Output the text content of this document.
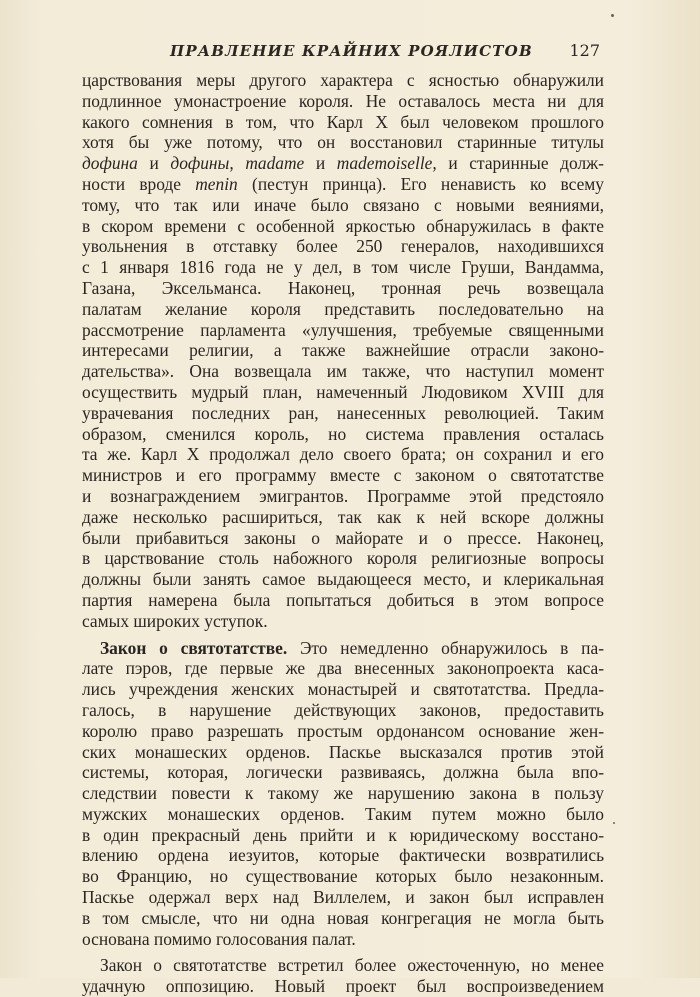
ПРАВЛЕНИЕ КРАЙНИХ РОЯЛИСТОВ 127
царствования меры другого характера с ясностью обнаружили
подлинное умонастроение короля. Не оставалось места ни для
какого сомнения в том, что Карл X был человеком прошлого
хотя бы уже потому, что он восстановил старинные титулы
дофина и дофины, madame и mademoiselle, и старинные долж-
ности вроде menin (пестун принца). Его ненависть ко всему
тому, что так или иначе было связано с новыми веяниями,
в скором времени с особенной яркостью обнаружилась в факте
увольнения в отставку более 250 генералов, находившихся
с 1 января 1816 года не у дел, в том числе Груши, Вандамма,
Газана, Эксельманса. Наконец, тронная речь возвещала
палатам желание короля представить последовательно на
рассмотрение парламента «улучшения, требуемые священными
интересами религии, а также важнейшие отрасли законо-
дательства». Она возвещала им также, что наступил момент
осуществить мудрый план, намеченный Людовиком XVIII для
уврачевания последних ран, нанесенных революцией. Таким
образом, сменился король, но система правления осталась
та же. Карл X продолжал дело своего брата; он сохранил и его
министров и его программу вместе с законом о святотатстве
и вознаграждением эмигрантов. Программе этой предстояло
даже несколько расшириться, так как к ней вскоре должны
были прибавиться законы о майорате и о прессе. Наконец,
в царствование столь набожного короля религиозные вопросы
должны были занять самое выдающееся место, и клерикальная
партия намерена была попытаться добиться в этом вопросе
самых широких уступок.
Закон о святотатстве. Это немедленно обнаружилось в па-
лате пэров, где первые же два внесенных законопроекта каса-
лись учреждения женских монастырей и святотатства. Предла-
галось, в нарушение действующих законов, предоставить
королю право разрешать простым ордонансом основание жен-
ских монашеских орденов. Паскье высказался против этой
системы, которая, логически развиваясь, должна была впо-
следствии повести к такому же нарушению закона в пользу
мужских монашеских орденов. Таким путем можно было
в один прекрасный день прийти и к юридическому восстано-
влению ордена иезуитов, которые фактически возвратились
во Францию, но существование которых было незаконным.
Паскье одержал верх над Виллелем, и закон был исправлен
в том смысле, что ни одна новая конгрегация не могла быть
основана помимо голосования палат.
Закон о святотатстве встретил более ожесточенную, но менее
удачную оппозицию. Новый проект был воспроизведением
